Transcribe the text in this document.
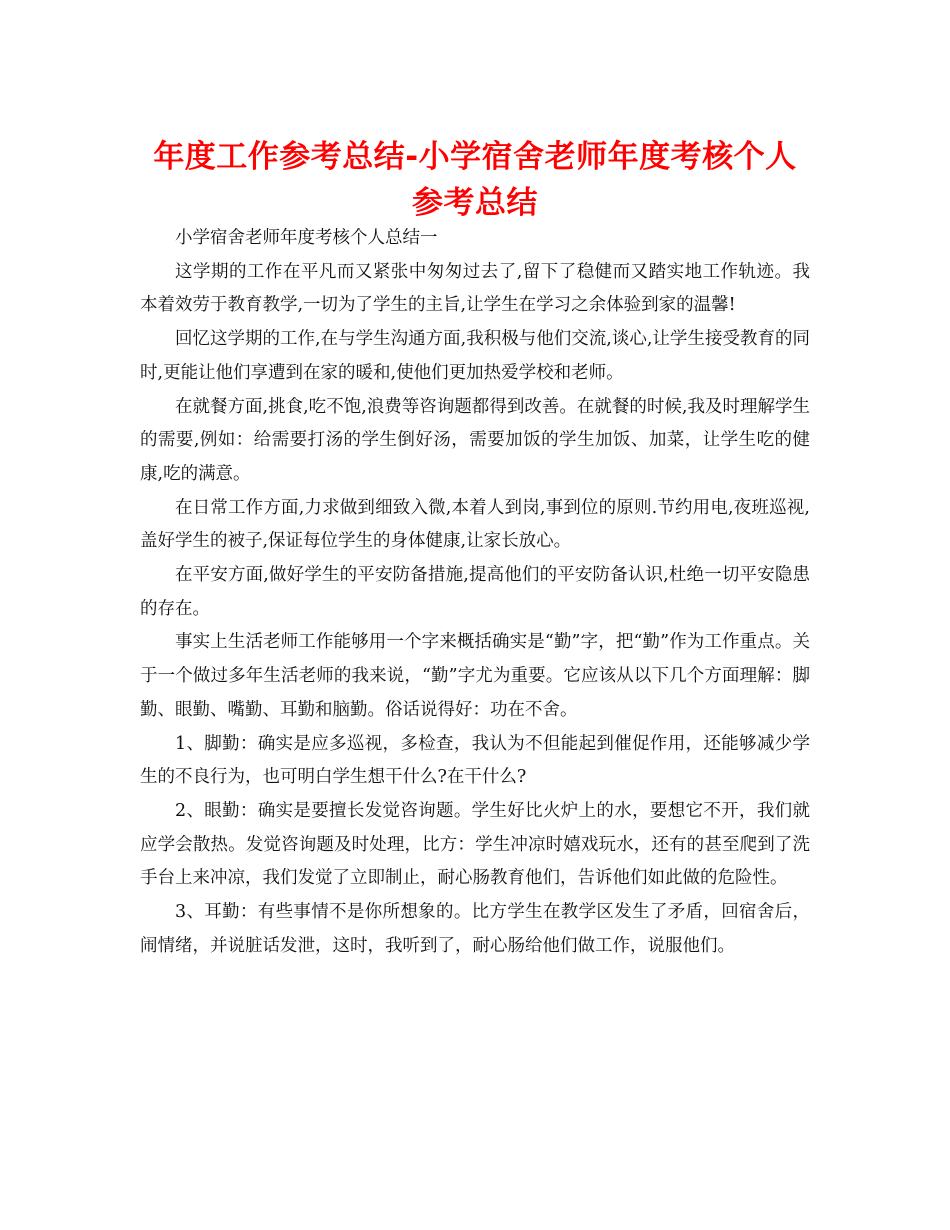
年度工作参考总结-小学宿舍老师年度考核个人参考总结

小学宿舍老师年度考核个人总结一

这学期的工作在平凡而又紧张中匆匆过去了,留下了稳健而又踏实地工作轨迹。我本着效劳于教育教学,一切为了学生的主旨,让学生在学习之余体验到家的温馨!

回忆这学期的工作,在与学生沟通方面,我积极与他们交流,谈心,让学生接受教育的同时,更能让他们享遭到在家的暖和,使他们更加热爱学校和老师。

在就餐方面,挑食,吃不饱,浪费等咨询题都得到改善。在就餐的时候,我及时理解学生的需要,例如：给需要打汤的学生倒好汤，需要加饭的学生加饭、加菜，让学生吃的健康,吃的满意。

在日常工作方面,力求做到细致入微,本着人到岗,事到位的原则.节约用电,夜班巡视,盖好学生的被子,保证每位学生的身体健康,让家长放心。

在平安方面,做好学生的平安防备措施,提高他们的平安防备认识,杜绝一切平安隐患的存在。

事实上生活老师工作能够用一个字来概括确实是“勤”字，把“勤”作为工作重点。关于一个做过多年生活老师的我来说，“勤”字尤为重要。它应该从以下几个方面理解：脚勤、眼勤、嘴勤、耳勤和脑勤。俗话说得好：功在不舍。

1、脚勤：确实是应多巡视，多检查，我认为不但能起到催促作用，还能够减少学生的不良行为，也可明白学生想干什么?在干什么?

2、眼勤：确实是要擅长发觉咨询题。学生好比火炉上的水，要想它不开，我们就应学会散热。发觉咨询题及时处理，比方：学生冲凉时嬉戏玩水，还有的甚至爬到了洗手台上来冲凉，我们发觉了立即制止，耐心肠教育他们，告诉他们如此做的危险性。

3、耳勤：有些事情不是你所想象的。比方学生在教学区发生了矛盾，回宿舍后，闹情绪，并说脏话发泄，这时，我听到了，耐心肠给他们做工作，说服他们。
